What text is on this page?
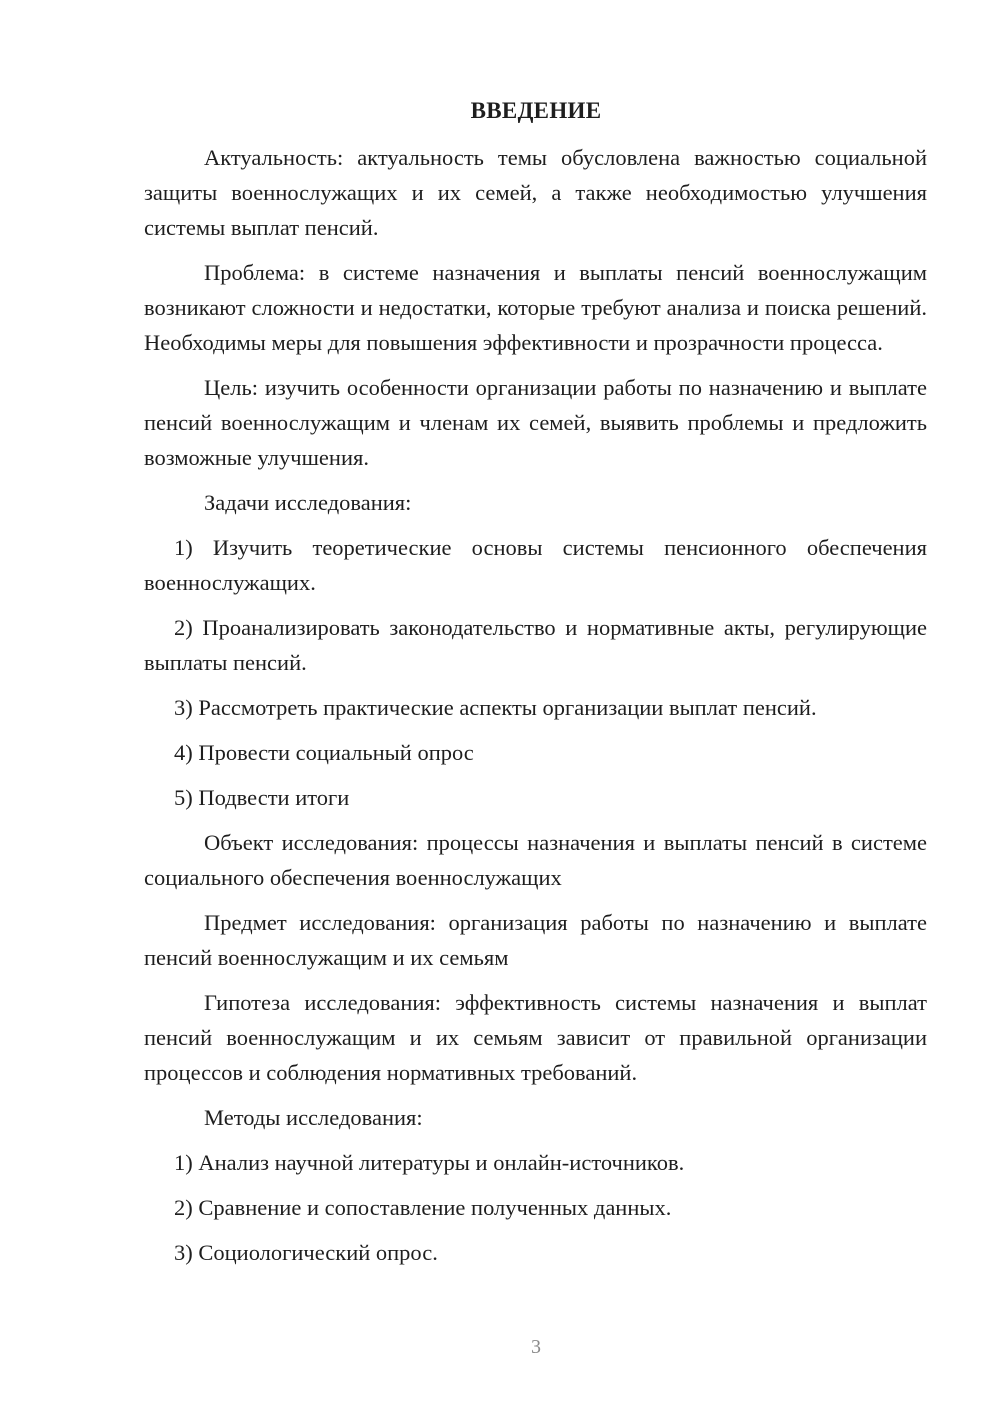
ВВЕДЕНИЕ

Актуальность: актуальность темы обусловлена важностью социальной защиты военнослужащих и их семей, а также необходимостью улучшения системы выплат пенсий.

Проблема: в системе назначения и выплаты пенсий военнослужащим возникают сложности и недостатки, которые требуют анализа и поиска решений. Необходимы меры для повышения эффективности и прозрачности процесса.

Цель: изучить особенности организации работы по назначению и выплате пенсий военнослужащим и членам их семей, выявить проблемы и предложить возможные улучшения.

Задачи исследования:

1) Изучить теоретические основы системы пенсионного обеспечения военнослужащих.

2) Проанализировать законодательство и нормативные акты, регулирующие выплаты пенсий.

3) Рассмотреть практические аспекты организации выплат пенсий.

4) Провести социальный опрос

5) Подвести итоги

Объект исследования: процессы назначения и выплаты пенсий в системе социального обеспечения военнослужащих

Предмет исследования: организация работы по назначению и выплате пенсий военнослужащим и их семьям

Гипотеза исследования: эффективность системы назначения и выплат пенсий военнослужащим и их семьям зависит от правильной организации процессов и соблюдения нормативных требований.

Методы исследования:

1) Анализ научной литературы и онлайн-источников.

2) Сравнение и сопоставление полученных данных.

3) Социологический опрос.

3
